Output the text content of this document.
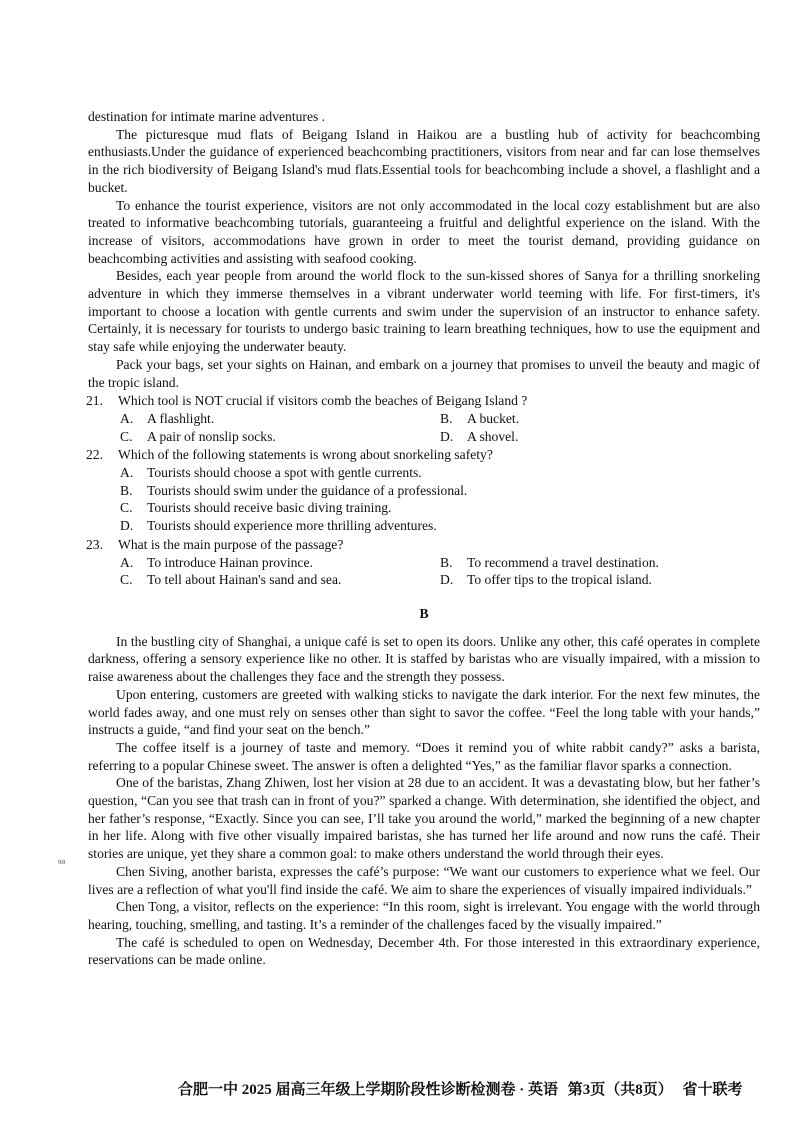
destination for intimate marine adventures .

The picturesque mud flats of Beigang Island in Haikou are a bustling hub of activity for beachcombing enthusiasts.Under the guidance of experienced beachcombing practitioners, visitors from near and far can lose themselves in the rich biodiversity of Beigang Island's mud flats.Essential tools for beachcombing include a shovel, a flashlight and a bucket.

To enhance the tourist experience, visitors are not only accommodated in the local cozy establishment but are also treated to informative beachcombing tutorials, guaranteeing a fruitful and delightful experience on the island. With the increase of visitors, accommodations have grown in order to meet the tourist demand, providing guidance on beachcombing activities and assisting with seafood cooking.

Besides, each year people from around the world flock to the sun-kissed shores of Sanya for a thrilling snorkeling adventure in which they immerse themselves in a vibrant underwater world teeming with life. For first-timers, it's important to choose a location with gentle currents and swim under the supervision of an instructor to enhance safety. Certainly, it is necessary for tourists to undergo basic training to learn breathing techniques, how to use the equipment and stay safe while enjoying the underwater beauty.

Pack your bags, set your sights on Hainan, and embark on a journey that promises to unveil the beauty and magic of the tropic island.

21. Which tool is NOT crucial if visitors comb the beaches of Beigang Island ?

A. A flashlight.	B. A bucket.
C. A pair of nonslip socks.	D. A shovel.

22. Which of the following statements is wrong about snorkeling safety?

A. Tourists should choose a spot with gentle currents.
B. Tourists should swim under the guidance of a professional.
C. Tourists should receive basic diving training.
D. Tourists should experience more thrilling adventures.

23. What is the main purpose of the passage?

A. To introduce Hainan province.	B. To recommend a travel destination.
C. To tell about Hainan's sand and sea.	D. To offer tips to the tropical island.
B

In the bustling city of Shanghai, a unique café is set to open its doors. Unlike any other, this café operates in complete darkness, offering a sensory experience like no other. It is staffed by baristas who are visually impaired, with a mission to raise awareness about the challenges they face and the strength they possess.

Upon entering, customers are greeted with walking sticks to navigate the dark interior. For the next few minutes, the world fades away, and one must rely on senses other than sight to savor the coffee. “Feel the long table with your hands,” instructs a guide, “and find your seat on the bench.”

The coffee itself is a journey of taste and memory. “Does it remind you of white rabbit candy?” asks a barista, referring to a popular Chinese sweet. The answer is often a delighted “Yes,” as the familiar flavor sparks a connection.

One of the baristas, Zhang Zhiwen, lost her vision at 28 due to an accident. It was a devastating blow, but her father’s question, “Can you see that trash can in front of you?” sparked a change. With determination, she identified the object, and her father’s response, “Exactly. Since you can see, I’ll take you around the world,” marked the beginning of a new chapter in her life. Along with five other visually impaired baristas, she has turned her life around and now runs the café. Their stories are unique, yet they share a common goal: to make others understand the world through their eyes.

Chen Siving, another barista, expresses the café’s purpose: “We want our customers to experience what we feel. Our lives are a reflection of what you'll find inside the café. We aim to share the experiences of visually impaired individuals.”

Chen Tong, a visitor, reflects on the experience: “In this room, sight is irrelevant. You engage with the world through hearing, touching, smelling, and tasting. It’s a reminder of the challenges faced by the visually impaired.”

The café is scheduled to open on Wednesday, December 4th. For those interested in this extraordinary experience, reservations can be made online.

ᵘᵃ
合肥一中 2025 届高三年级上学期阶段性诊断检测卷 · 英语 第3页（共8页） 省十联考
